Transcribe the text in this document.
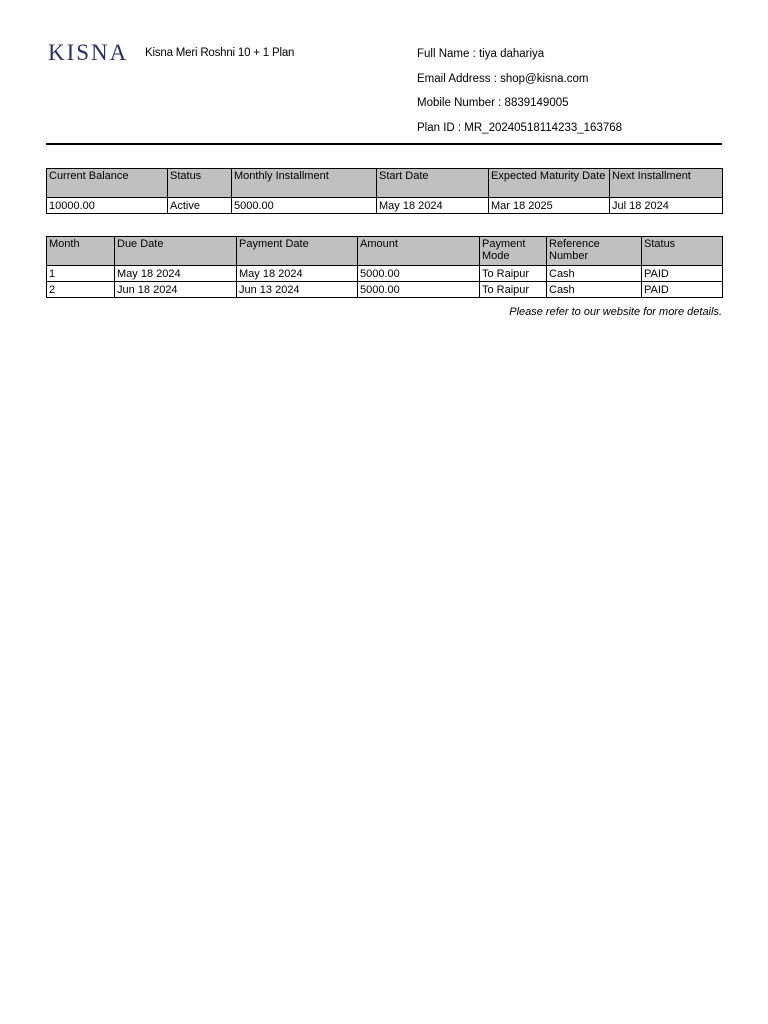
KISNA Kisna Meri Roshni 10 + 1 Plan	Full Name : tiya dahariya
Email Address : shop@kisna.com
Mobile Number : 8839149005
Plan ID : MR_20240518114233_163768
Current Balance	Status	Monthly Installment	Start Date	Expected Maturity Date	Next Installment
10000.00	Active	5000.00	May 18 2024	Mar 18 2025	Jul 18 2024
Month	Due Date	Payment Date	Amount	Payment Mode	Reference Number	Status
1	May 18 2024	May 18 2024	5000.00	To Raipur	Cash	PAID
2	Jun 18 2024	Jun 13 2024	5000.00	To Raipur	Cash	PAID
Please refer to our website for more details.
